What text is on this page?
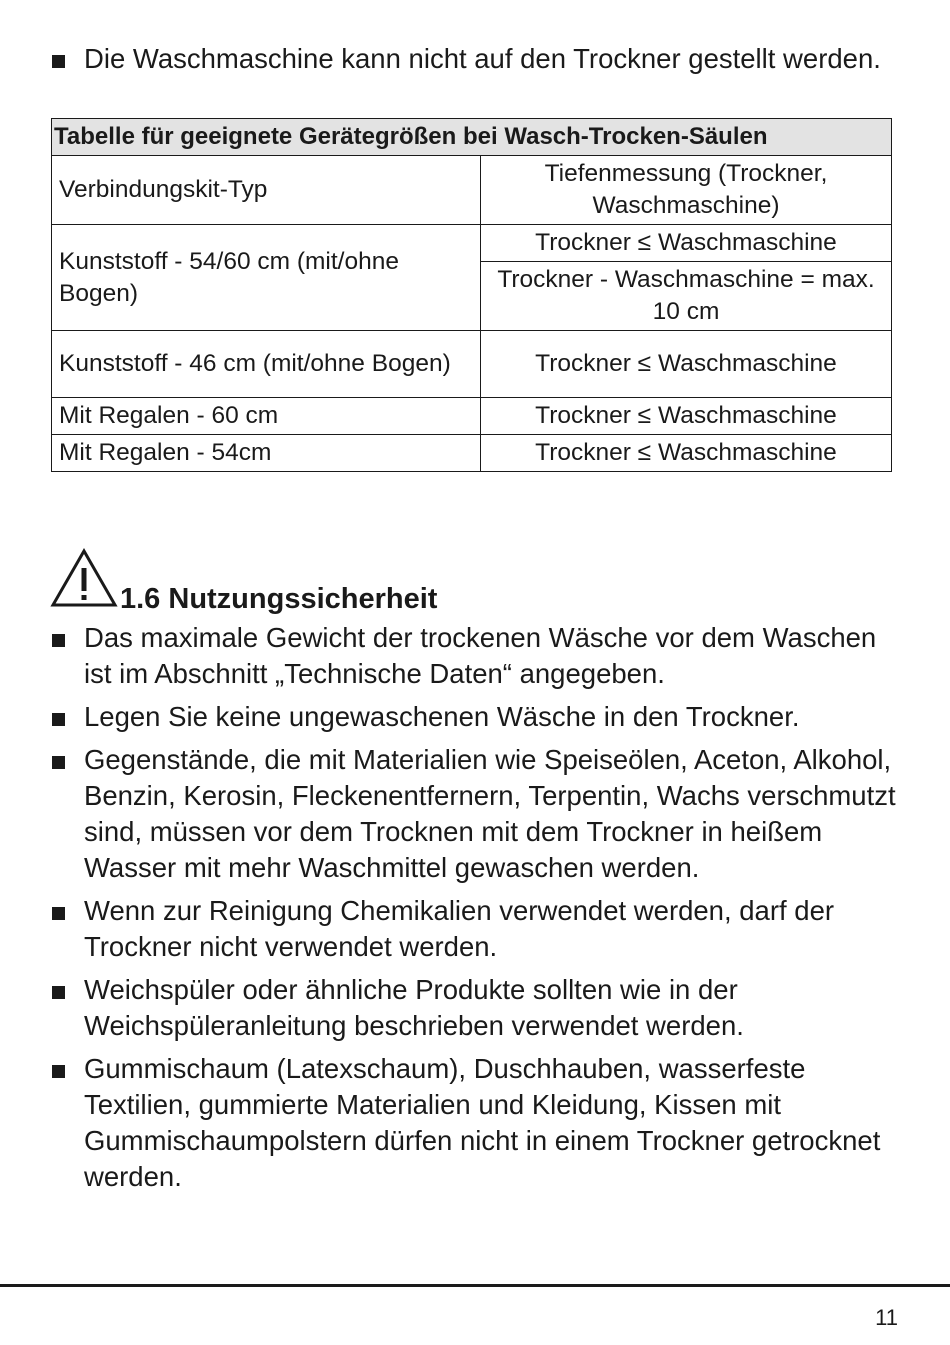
Die Waschmaschine kann nicht auf den Trockner gestellt werden.
Tabelle für geeignete Gerätegrößen bei Wasch-Trocken-Säulen	
Verbindungskit-Typ	Tiefenmessung (Trockner, Waschmaschine)
Kunststoff - 54/60 cm (mit/ohne Bogen)	Trockner ≤ Waschmaschine
	Trockner - Waschmaschine = max. 10 cm
Kunststoff - 46 cm (mit/ohne Bogen)	Trockner ≤ Waschmaschine
Mit Regalen - 60 cm	Trockner ≤ Waschmaschine
Mit Regalen - 54cm	Trockner ≤ Waschmaschine
1.6 Nutzungssicherheit
Das maximale Gewicht der trockenen Wäsche vor dem Waschen ist im Abschnitt „Technische Daten“ angegeben.
Legen Sie keine ungewaschenen Wäsche in den Trockner.
Gegenstände, die mit Materialien wie Speiseölen, Aceton, Alkohol, Benzin, Kerosin, Fleckenentfernern, Terpentin, Wachs verschmutzt sind, müssen vor dem Trocknen mit dem Trockner in heißem Wasser mit mehr Waschmittel gewaschen werden.
Wenn zur Reinigung Chemikalien verwendet werden, darf der Trockner nicht verwendet werden.
Weichspüler oder ähnliche Produkte sollten wie in der Weichspüleranleitung beschrieben verwendet werden.
Gummischaum (Latexschaum), Duschhauben, wasserfeste Textilien, gummierte Materialien und Kleidung, Kissen mit Gummischaumpolstern dürfen nicht in einem Trockner getrocknet werden.
11
